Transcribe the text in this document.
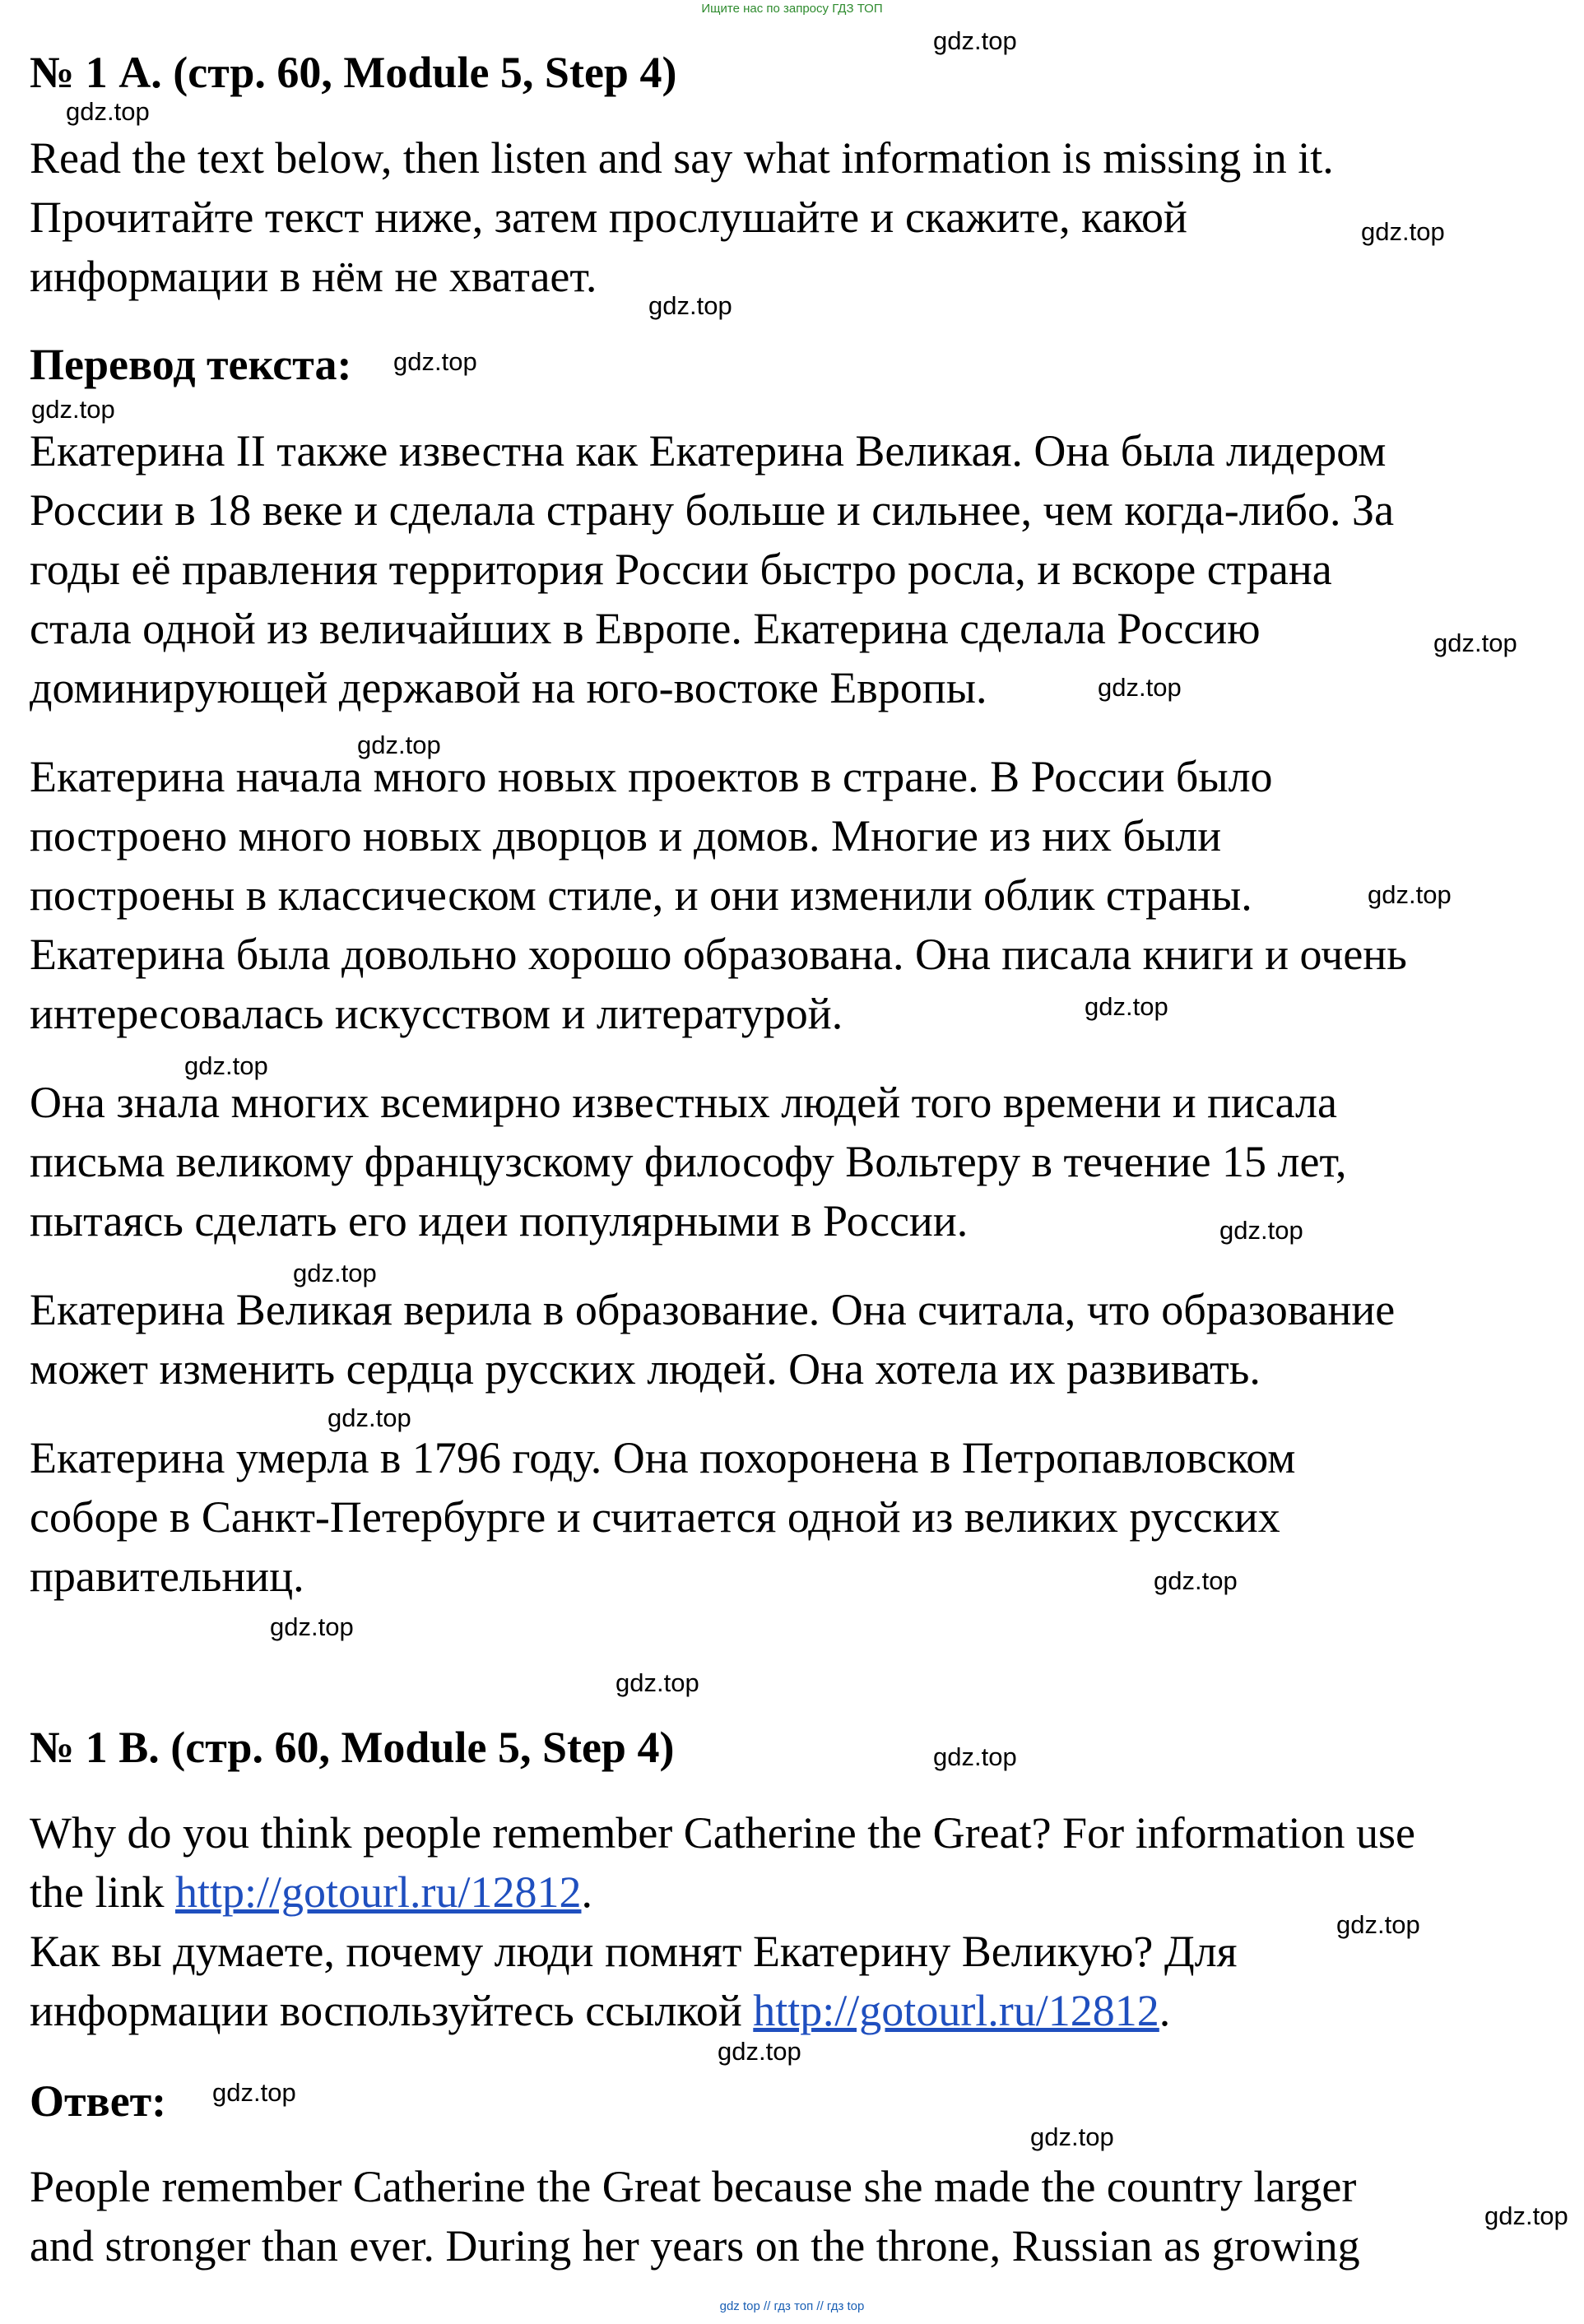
Ищите нас по запросу ГДЗ ТОП
№ 1 А. (стр. 60, Module 5, Step 4)
Read the text below, then listen and say what information is missing in it.
Прочитайте текст ниже, затем прослушайте и скажите, какой
информации в нём не хватает.
Перевод текста:
Екатерина II также известна как Екатерина Великая. Она была лидером
России в 18 веке и сделала страну больше и сильнее, чем когда-либо. За
годы её правления территория России быстро росла, и вскоре страна
стала одной из величайших в Европе. Екатерина сделала Россию
доминирующей державой на юго-востоке Европы.
Екатерина начала много новых проектов в стране. В России было
построено много новых дворцов и домов. Многие из них были
построены в классическом стиле, и они изменили облик страны.
Екатерина была довольно хорошо образована. Она писала книги и очень
интересовалась искусством и литературой.
Она знала многих всемирно известных людей того времени и писала
письма великому французскому философу Вольтеру в течение 15 лет,
пытаясь сделать его идеи популярными в России.
Екатерина Великая верила в образование. Она считала, что образование
может изменить сердца русских людей. Она хотела их развивать.
Екатерина умерла в 1796 году. Она похоронена в Петропавловском
соборе в Санкт-Петербурге и считается одной из великих русских
правительниц.
№ 1 В. (стр. 60, Module 5, Step 4)
Why do you think people remember Catherine the Great? For information use
the link http://gotourl.ru/12812.
Как вы думаете, почему люди помнят Екатерину Великую? Для
информации воспользуйтесь ссылкой http://gotourl.ru/12812.
Ответ:
People remember Catherine the Great because she made the country larger
and stronger than ever. During her years on the throne, Russian as growing
gdz.top
gdz.top
gdz.top
gdz.top
gdz.top
gdz.top
gdz.top
gdz.top
gdz.top
gdz.top
gdz.top
gdz.top
gdz.top
gdz.top
gdz.top
gdz.top
gdz.top
gdz.top
gdz.top
gdz.top
gdz.top
gdz.top
gdz.top
gdz.top
gdz top // гдз топ // гдз top
